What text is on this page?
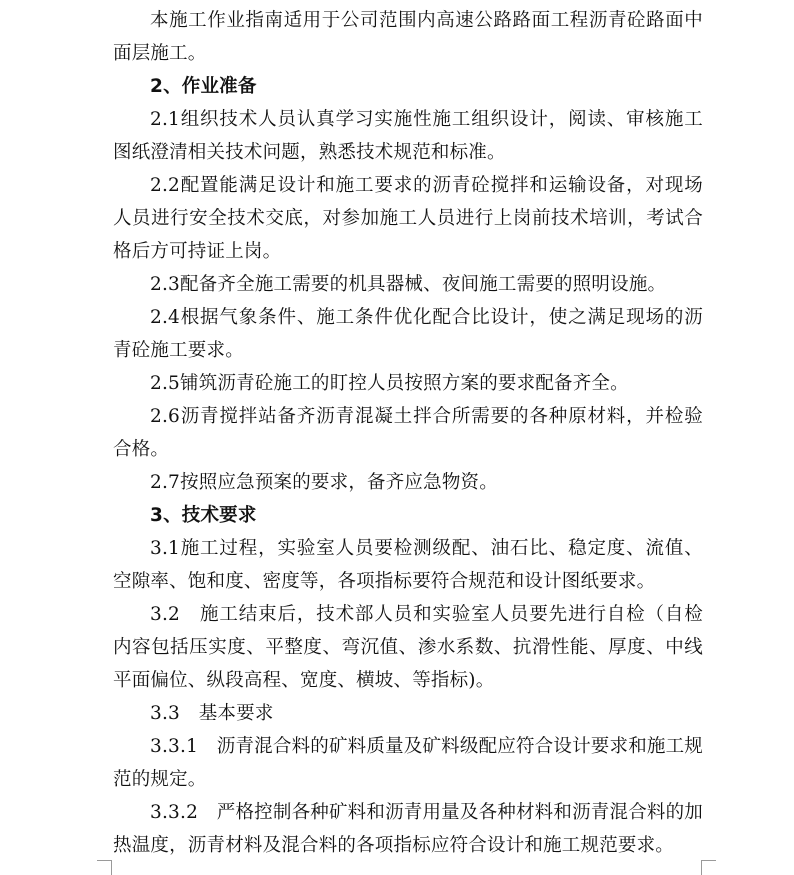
本施工作业指南适用于公司范围内高速公路路面工程沥青砼路面中面层施工。

2、作业准备

2.1组织技术人员认真学习实施性施工组织设计，阅读、审核施工图纸澄清相关技术问题，熟悉技术规范和标准。

2.2配置能满足设计和施工要求的沥青砼搅拌和运输设备，对现场人员进行安全技术交底，对参加施工人员进行上岗前技术培训，考试合格后方可持证上岗。

2.3配备齐全施工需要的机具器械、夜间施工需要的照明设施。

2.4根据气象条件、施工条件优化配合比设计，使之满足现场的沥青砼施工要求。

2.5铺筑沥青砼施工的盯控人员按照方案的要求配备齐全。

2.6沥青搅拌站备齐沥青混凝土拌合所需要的各种原材料，并检验合格。

2.7按照应急预案的要求，备齐应急物资。

3、技术要求

3.1施工过程，实验室人员要检测级配、油石比、稳定度、流值、空隙率、饱和度、密度等，各项指标要符合规范和设计图纸要求。

3.2　施工结束后，技术部人员和实验室人员要先进行自检（自检内容包括压实度、平整度、弯沉值、渗水系数、抗滑性能、厚度、中线平面偏位、纵段高程、宽度、横坡、等指标)。

3.3　基本要求

3.3.1　沥青混合料的矿料质量及矿料级配应符合设计要求和施工规范的规定。

3.3.2　严格控制各种矿料和沥青用量及各种材料和沥青混合料的加热温度，沥青材料及混合料的各项指标应符合设计和施工规范要求。
